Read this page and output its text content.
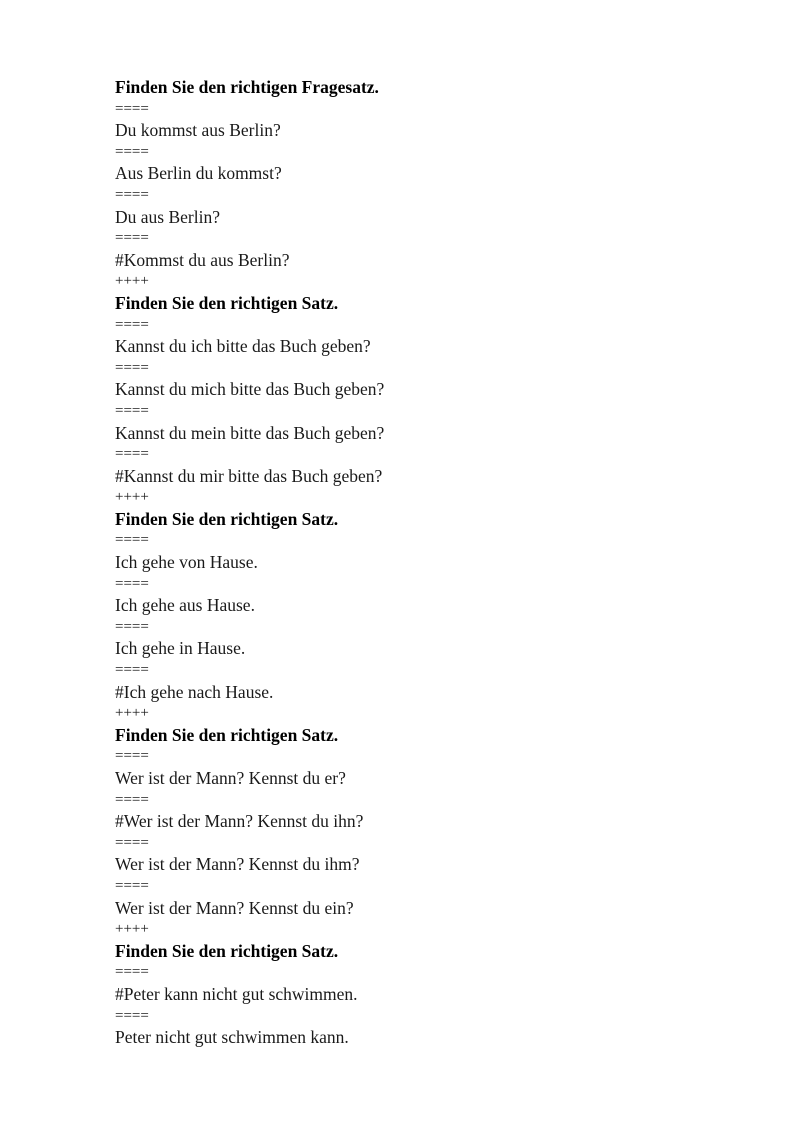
Finden Sie den richtigen Fragesatz.
====
Du kommst aus Berlin?
====
Aus Berlin du kommst?
====
Du aus Berlin?
====
#Kommst du aus Berlin?
++++
Finden Sie den richtigen Satz.
====
Kannst du ich bitte das Buch geben?
====
Kannst du mich bitte das Buch geben?
====
Kannst du mein bitte das Buch geben?
====
#Kannst du mir bitte das Buch geben?
++++
Finden Sie den richtigen Satz.
====
Ich gehe von Hause.
====
Ich gehe aus Hause.
====
Ich gehe in Hause.
====
#Ich gehe nach Hause.
++++
Finden Sie den richtigen Satz.
====
Wer ist der Mann? Kennst du er?
====
#Wer ist der Mann? Kennst du ihn?
====
Wer ist der Mann? Kennst du ihm?
====
Wer ist der Mann? Kennst du ein?
++++
Finden Sie den richtigen Satz.
====
#Peter kann nicht gut schwimmen.
====
Peter nicht gut schwimmen kann.
